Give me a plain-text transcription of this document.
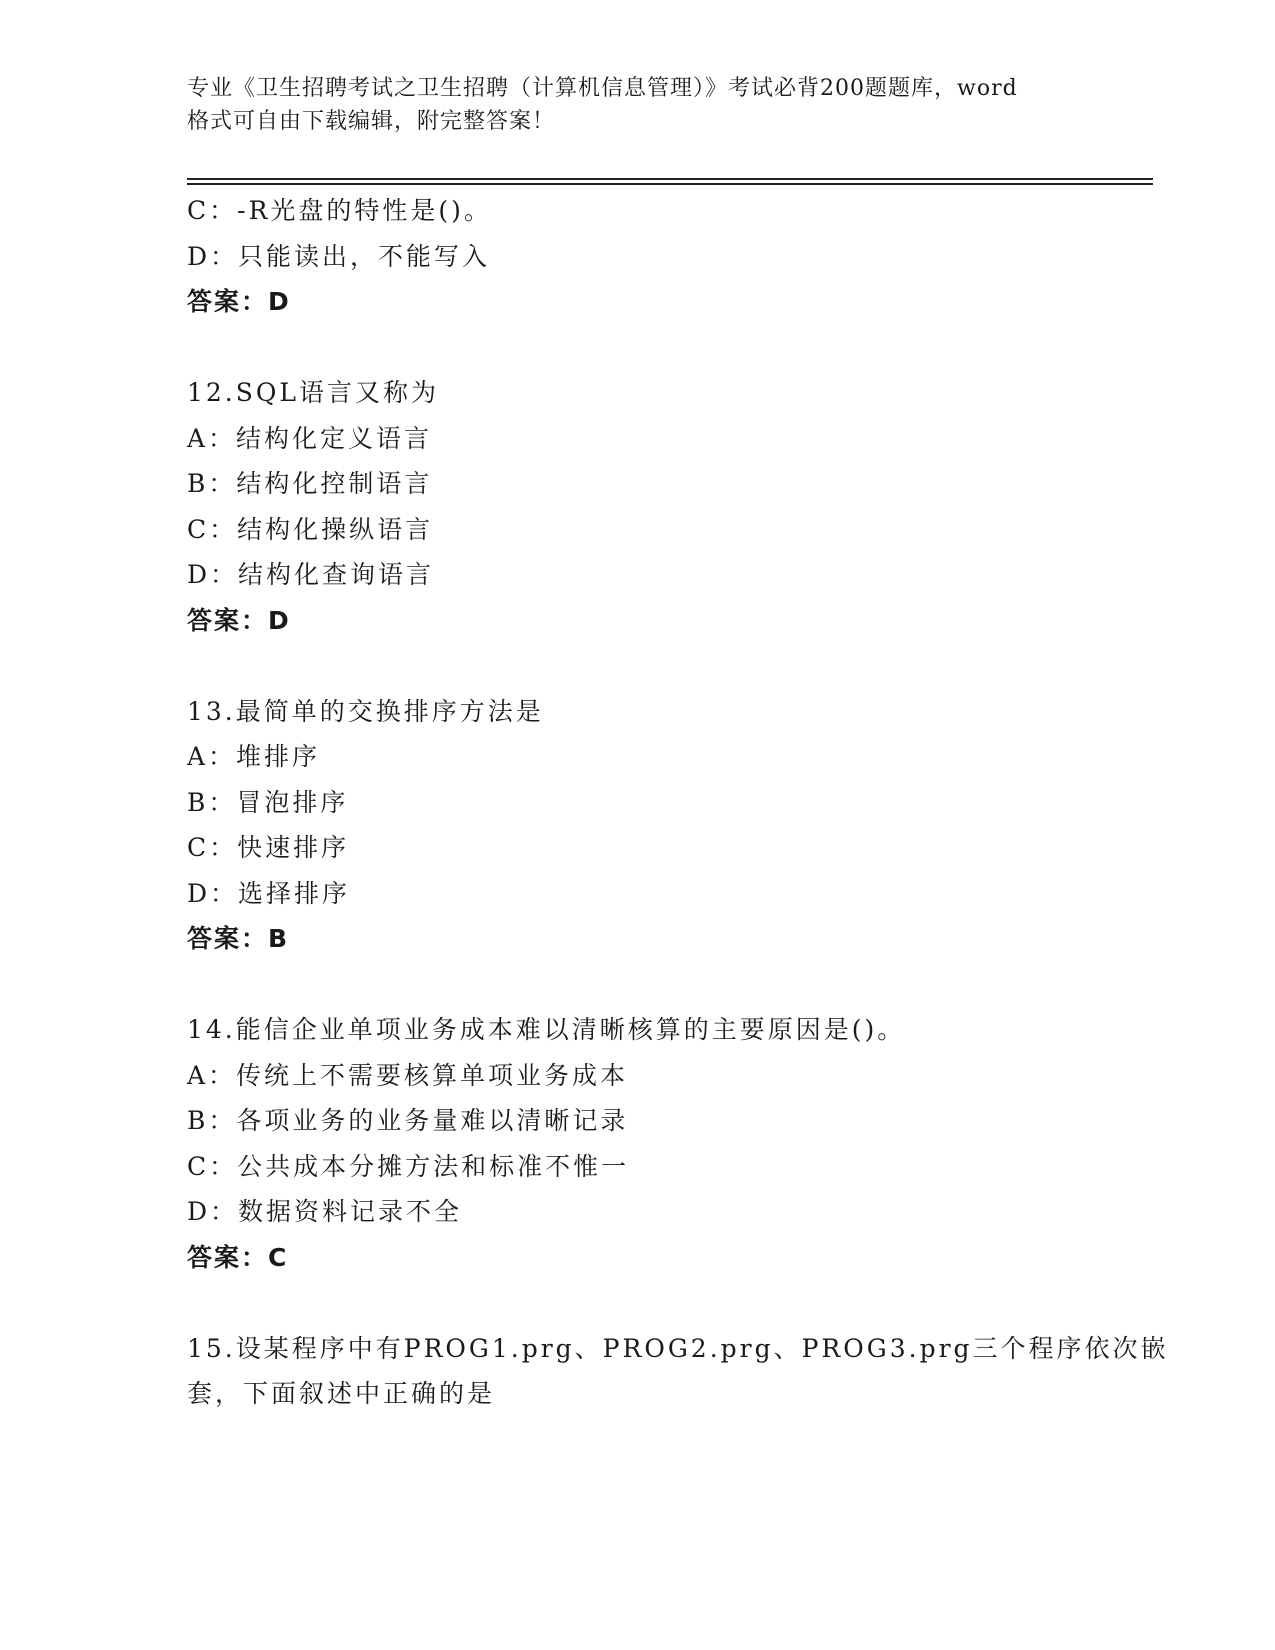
专业《卫生招聘考试之卫生招聘（计算机信息管理）》考试必背200题题库，word
格式可自由下载编辑，附完整答案！
C：-R光盘的特性是()。
D：只能读出，不能写入
答案：D
12.SQL语言又称为
A：结构化定义语言
B：结构化控制语言
C：结构化操纵语言
D：结构化查询语言
答案：D
13.最简单的交换排序方法是
A：堆排序
B：冒泡排序
C：快速排序
D：选择排序
答案：B
14.能信企业单项业务成本难以清晰核算的主要原因是()。
A：传统上不需要核算单项业务成本
B：各项业务的业务量难以清晰记录
C：公共成本分摊方法和标准不惟一
D：数据资料记录不全
答案：C
15.设某程序中有PROG1.prg、PROG2.prg、PROG3.prg三个程序依次嵌
套，下面叙述中正确的是
